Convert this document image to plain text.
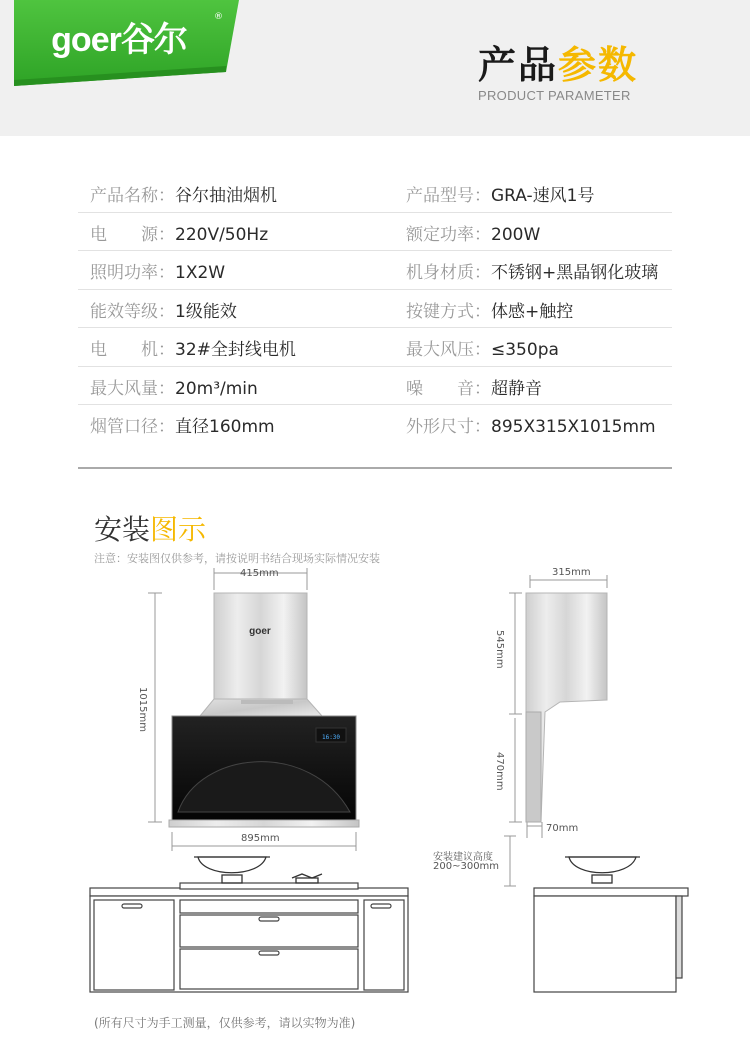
goer谷尔
®
产品参数
PRODUCT PARAMETER
产品名称：谷尔抽油烟机	产品型号：GRA-速风1号
电　　源：220V/50Hz	额定功率：200W
照明功率：1X2W	机身材质：不锈钢+黑晶钢化玻璃
能效等级：1级能效	按键方式：体感+触控
电　　机：32#全封线电机	最大风压：≤350pa
最大风量：20m³/min	噪　　音：超静音
烟管口径：直径160mm	外形尺寸：895X315X1015mm
安装图示
注意：安装图仅供参考，请按说明书结合现场实际情况安装
16:30
goer
415mm
1015mm
895mm
315mm
545mm
470mm
70mm
安装建议高度
200~300mm
(所有尺寸为手工测量，仅供参考，请以实物为准)
